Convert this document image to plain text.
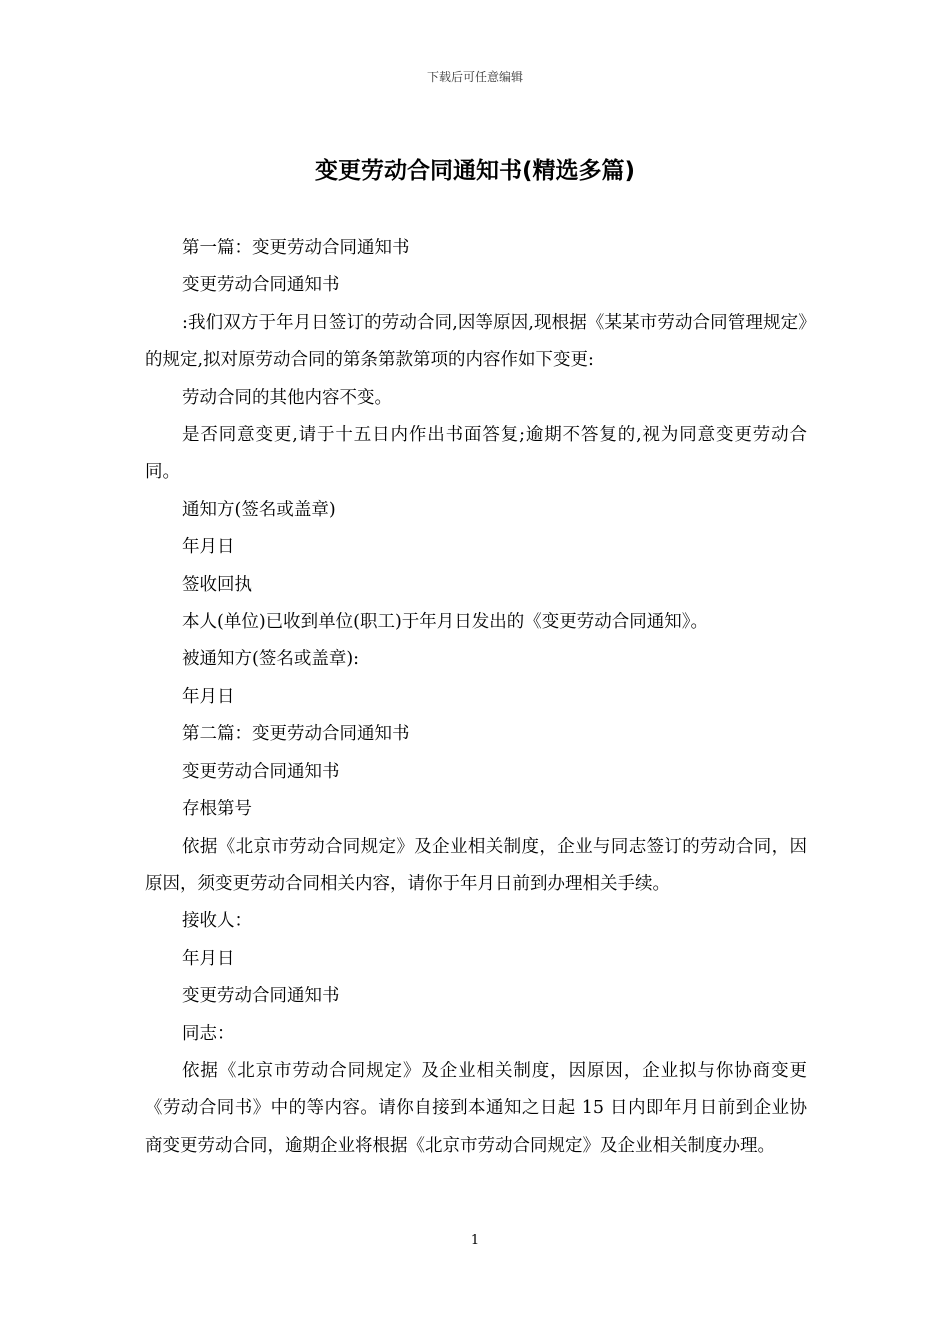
下载后可任意编辑
变更劳动合同通知书(精选多篇)

第一篇：变更劳动合同通知书

变更劳动合同通知书

:我们双方于年月日签订的劳动合同,因等原因,现根据《某某市劳动合同管理规定》的规定,拟对原劳动合同的第条第款第项的内容作如下变更:

劳动合同的其他内容不变。

是否同意变更,请于十五日内作出书面答复;逾期不答复的,视为同意变更劳动合同。

通知方(签名或盖章)

年月日

签收回执

本人(单位)已收到单位(职工)于年月日发出的《变更劳动合同通知》。

被通知方(签名或盖章):

年月日

第二篇：变更劳动合同通知书

变更劳动合同通知书

存根第号

依据《北京市劳动合同规定》及企业相关制度，企业与同志签订的劳动合同，因原因，须变更劳动合同相关内容，请你于年月日前到办理相关手续。

接收人：

年月日

变更劳动合同通知书

同志：

依据《北京市劳动合同规定》及企业相关制度，因原因，企业拟与你协商变更《劳动合同书》中的等内容。请你自接到本通知之日起 15 日内即年月日前到企业协商变更劳动合同，逾期企业将根据《北京市劳动合同规定》及企业相关制度办理。

1
